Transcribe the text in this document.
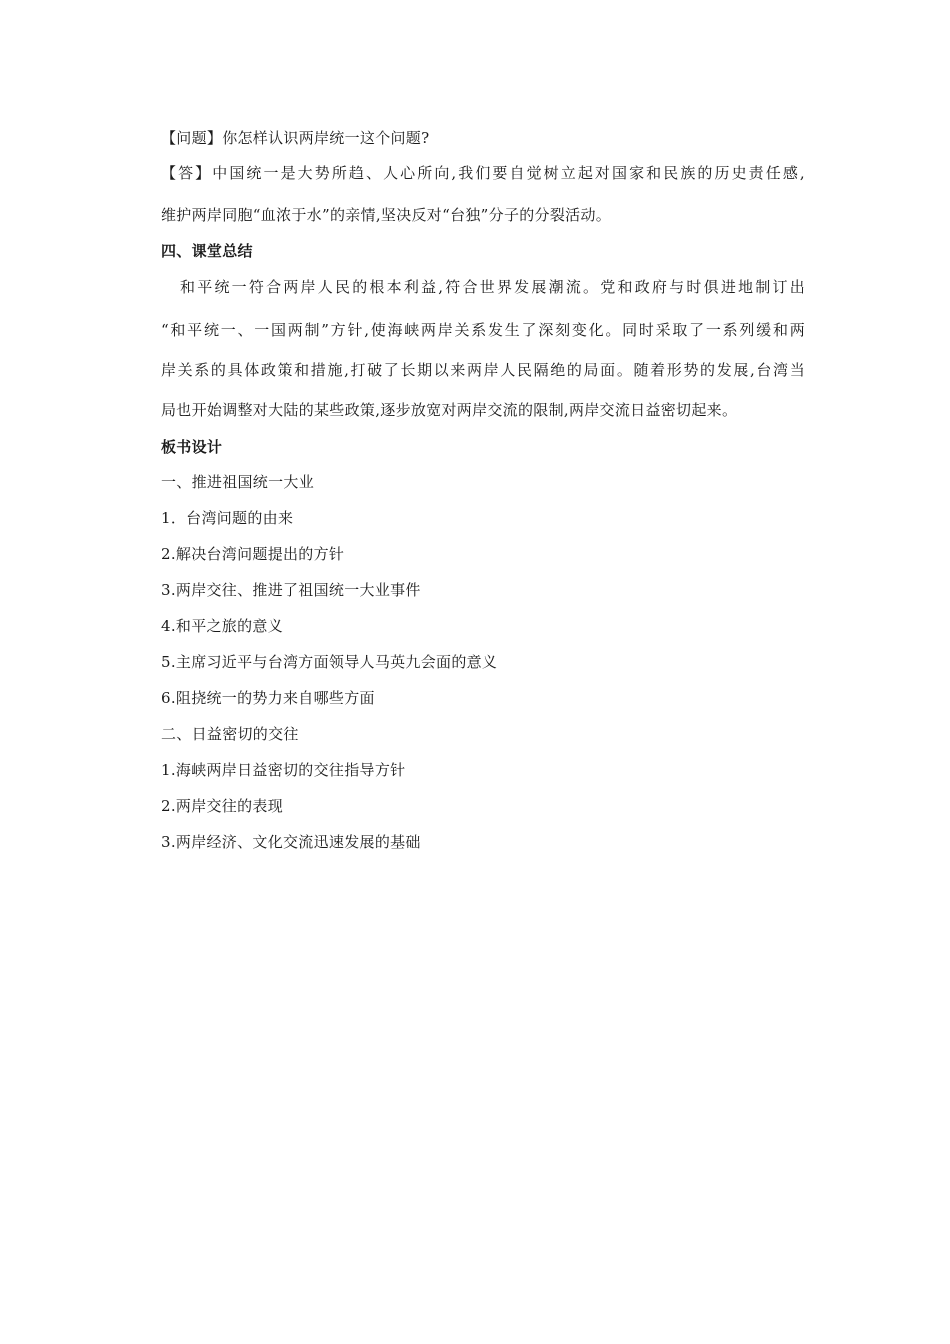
【问题】你怎样认识两岸统一这个问题?
【答】中国统一是大势所趋、人心所向,我们要自觉树立起对国家和民族的历史责任感,
维护两岸同胞“血浓于水”的亲情,坚决反对“台独”分子的分裂活动。
四、课堂总结
和平统一符合两岸人民的根本利益,符合世界发展潮流。党和政府与时俱进地制订出
“和平统一、一国两制”方针,使海峡两岸关系发生了深刻变化。同时采取了一系列缓和两
岸关系的具体政策和措施,打破了长期以来两岸人民隔绝的局面。随着形势的发展,台湾当
局也开始调整对大陆的某些政策,逐步放宽对两岸交流的限制,两岸交流日益密切起来。
板书设计
一、推进祖国统一大业
1．台湾问题的由来
2.解决台湾问题提出的方针
3.两岸交往、推进了祖国统一大业事件
4.和平之旅的意义
5.主席习近平与台湾方面领导人马英九会面的意义
6.阻挠统一的势力来自哪些方面
二、日益密切的交往
1.海峡两岸日益密切的交往指导方针
2.两岸交往的表现
3.两岸经济、文化交流迅速发展的基础
